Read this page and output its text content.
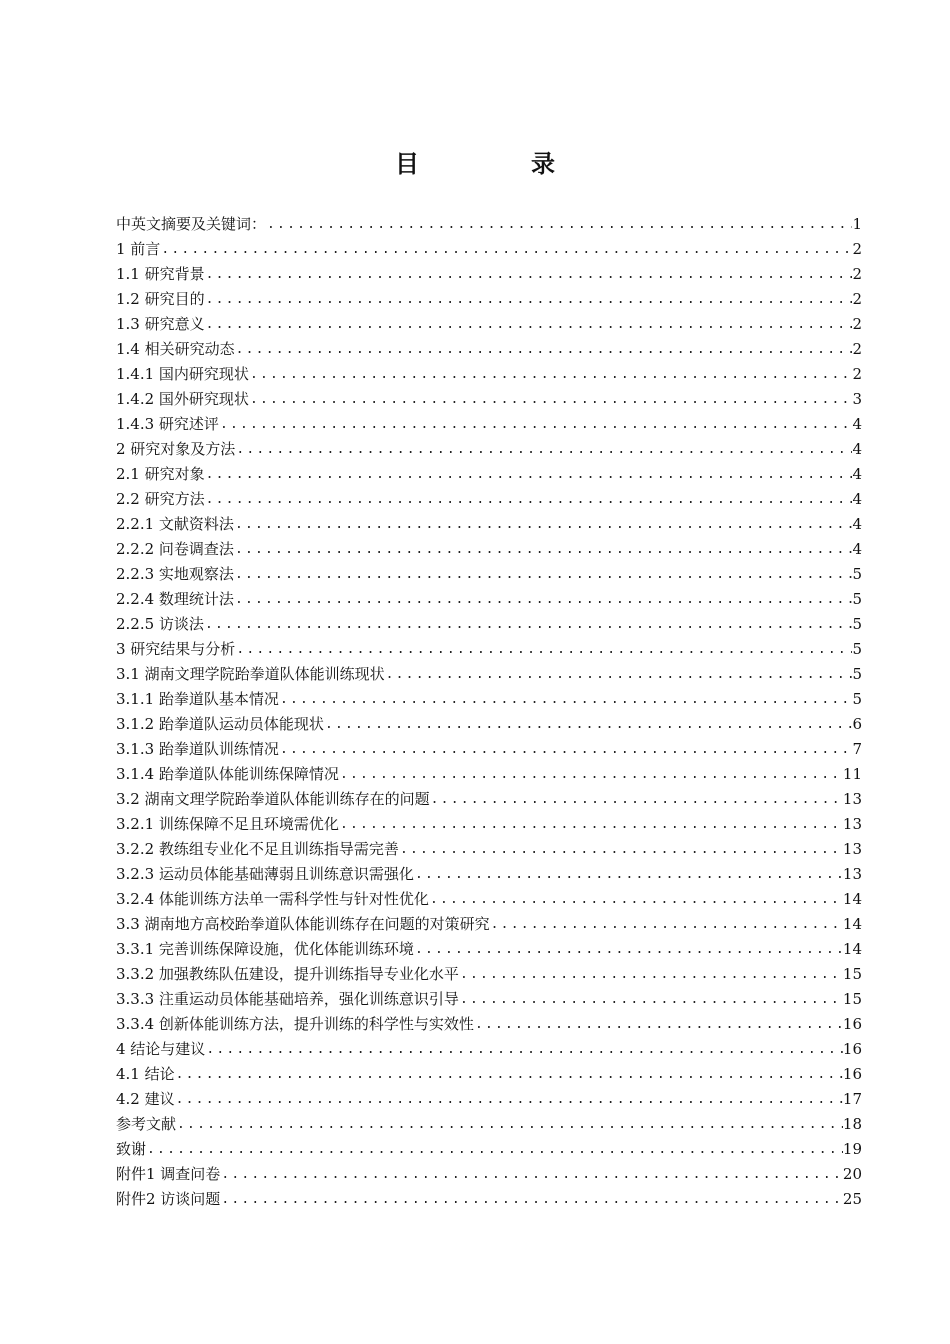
目　录
中英文摘要及关键词： .....	1
1 前言 .....	2
1.1 研究背景 .....	2
1.2 研究目的 .....	2
1.3 研究意义 .....	2
1.4 相关研究动态 .....	2
1.4.1 国内研究现状 .....	2
1.4.2 国外研究现状 .....	3
1.4.3 研究述评 .....	4
2 研究对象及方法 .....	4
2.1 研究对象 .....	4
2.2 研究方法 .....	4
2.2.1 文献资料法 .....	4
2.2.2 问卷调查法 .....	4
2.2.3 实地观察法 .....	5
2.2.4 数理统计法 .....	5
2.2.5 访谈法 .....	5
3 研究结果与分析 .....	5
3.1 湖南文理学院跆拳道队体能训练现状 .....	5
3.1.1 跆拳道队基本情况 .....	5
3.1.2 跆拳道队运动员体能现状 .....	6
3.1.3 跆拳道队训练情况 .....	7
3.1.4 跆拳道队体能训练保障情况 .....	11
3.2 湖南文理学院跆拳道队体能训练存在的问题 .....	13
3.2.1 训练保障不足且环境需优化 .....	13
3.2.2 教练组专业化不足且训练指导需完善 .....	13
3.2.3 运动员体能基础薄弱且训练意识需强化 .....	13
3.2.4 体能训练方法单一需科学性与针对性优化 .....	14
3.3 湖南地方高校跆拳道队体能训练存在问题的对策研究 .....	14
3.3.1 完善训练保障设施，优化体能训练环境 .....	14
3.3.2 加强教练队伍建设，提升训练指导专业化水平 .....	15
3.3.3 注重运动员体能基础培养，强化训练意识引导 .....	15
3.3.4 创新体能训练方法，提升训练的科学性与实效性 .....	16
4 结论与建议 .....	16
4.1 结论 .....	16
4.2 建议 .....	17
参考文献 .....	18
致谢 .....	19
附件1 调查问卷 .....	20
附件2 访谈问题 .....	25
